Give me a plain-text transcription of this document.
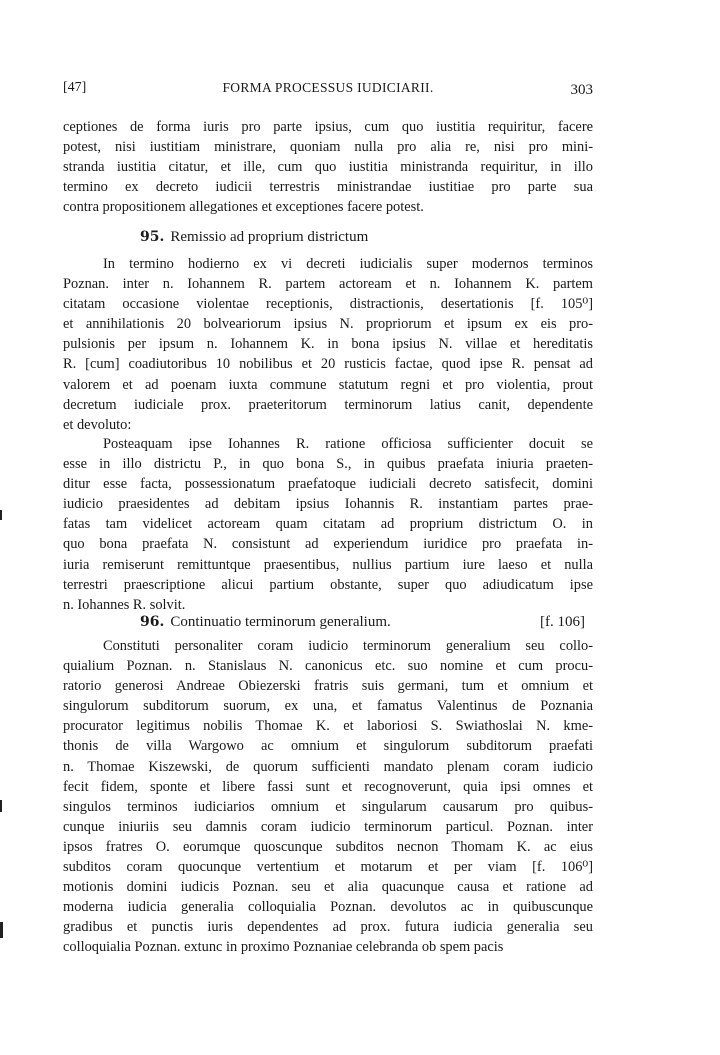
[47]	FORMA PROCESSUS IUDICIARII.	303
ceptiones de forma iuris pro parte ipsius, cum quo iustitia requiritur, facere
potest, nisi iustitiam ministrare, quoniam nulla pro alia re, nisi pro mini-
stranda iustitia citatur, et ille, cum quo iustitia ministranda requiritur, in illo
termino ex decreto iudicii terrestris ministrandae iustitiae pro parte sua
contra propositionem allegationes et exceptiones facere potest.
95. Remissio ad proprium districtum
In termino hodierno ex vi decreti iudicialis super modernos terminos
Poznan. inter n. Iohannem R. partem actoream et n. Iohannem K. partem
citatam occasione violentae receptionis, distractionis, desertationis [f. 105⁰]
et annihilationis 20 bolveariorum ipsius N. propriorum et ipsum ex eis pro-
pulsionis per ipsum n. Iohannem K. in bona ipsius N. villae et hereditatis
R. [cum] coadiutoribus 10 nobilibus et 20 rusticis factae, quod ipse R. pensat ad
valorem et ad poenam iuxta commune statutum regni et pro violentia, prout
decretum iudiciale prox. praeteritorum terminorum latius canit, dependente
et devoluto:
Posteaquam ipse Iohannes R. ratione officiosa sufficienter docuit se
esse in illo districtu P., in quo bona S., in quibus praefata iniuria praeten-
ditur esse facta, possessionatum praefatoque iudiciali decreto satisfecit, domini
iudicio praesidentes ad debitam ipsius Iohannis R. instantiam partes prae-
fatas tam videlicet actoream quam citatam ad proprium districtum O. in
quo bona praefata N. consistunt ad experiendum iuridice pro praefata in-
iuria remiserunt remittuntque praesentibus, nullius partium iure laeso et nulla
terrestri praescriptione alicui partium obstante, super quo adiudicatum ipse
n. Iohannes R. solvit.
96. Continuatio terminorum generalium.	[f. 106]
Constituti personaliter coram iudicio terminorum generalium seu collo-
quialium Poznan. n. Stanislaus N. canonicus etc. suo nomine et cum procu-
ratorio generosi Andreae Obiezerski fratris suis germani, tum et omnium et
singulorum subditorum suorum, ex una, et famatus Valentinus de Poznania
procurator legitimus nobilis Thomae K. et laboriosi S. Swiathoslai N. kme-
thonis de villa Wargowo ac omnium et singulorum subditorum praefati
n. Thomae Kiszewski, de quorum sufficienti mandato plenam coram iudicio
fecit fidem, sponte et libere fassi sunt et recognoverunt, quia ipsi omnes et
singulos terminos iudiciarios omnium et singularum causarum pro quibus-
cunque iniuriis seu damnis coram iudicio terminorum particul. Poznan. inter
ipsos fratres O. eorumque quoscunque subditos necnon Thomam K. ac eius
subditos coram quocunque vertentium et motarum et per viam [f. 106⁰]
motionis domini iudicis Poznan. seu et alia quacunque causa et ratione ad
moderna iudicia generalia colloquialia Poznan. devolutos ac in quibuscunque
gradibus et punctis iuris dependentes ad prox. futura iudicia generalia seu
colloquialia Poznan. extunc in proximo Poznaniae celebranda ob spem pacis
